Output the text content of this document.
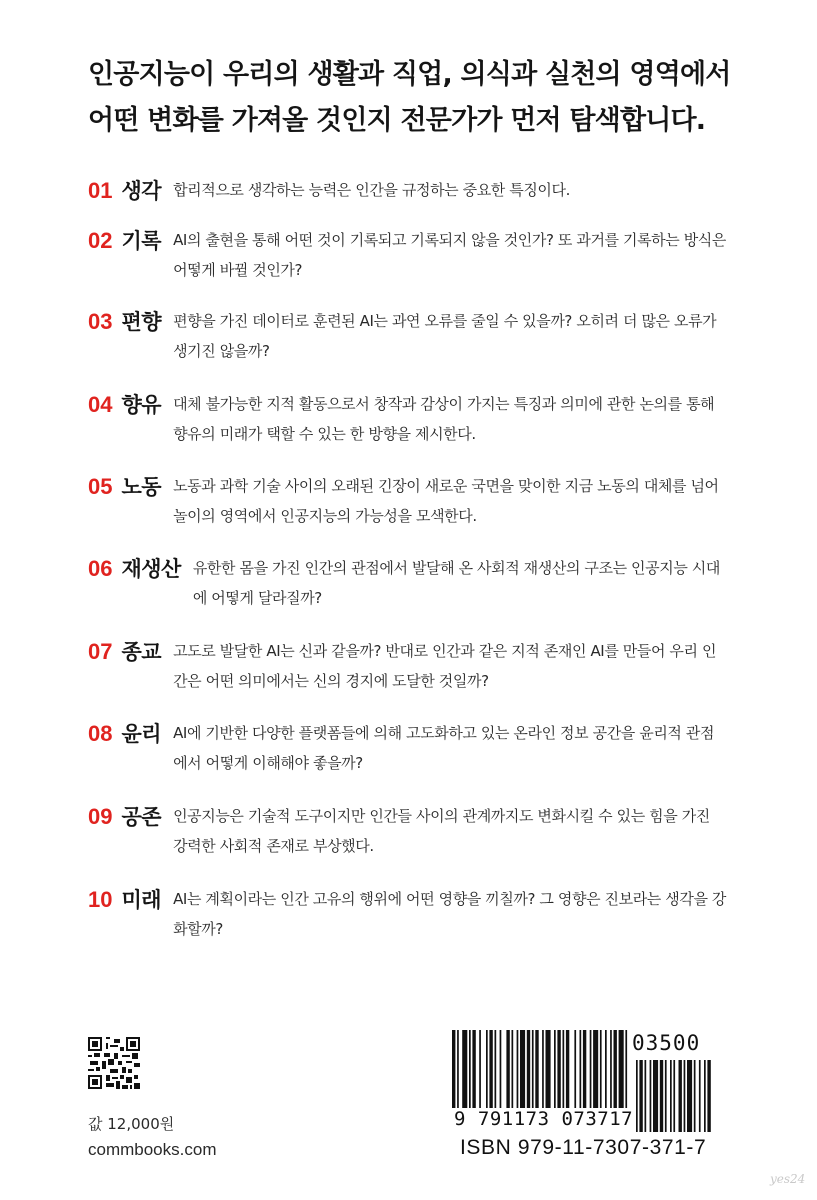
인공지능이 우리의 생활과 직업, 의식과 실천의 영역에서
어떤 변화를 가져올 것인지 전문가가 먼저 탐색합니다.
01 생각 합리적으로 생각하는 능력은 인간을 규정하는 중요한 특징이다.
02 기록 AI의 출현을 통해 어떤 것이 기록되고 기록되지 않을 것인가? 또 과거를 기록하는 방식은 어떻게 바뀔 것인가?
03 편향 편향을 가진 데이터로 훈련된 AI는 과연 오류를 줄일 수 있을까? 오히려 더 많은 오류가 생기진 않을까?
04 향유 대체 불가능한 지적 활동으로서 창작과 감상이 가지는 특징과 의미에 관한 논의를 통해 향유의 미래가 택할 수 있는 한 방향을 제시한다.
05 노동 노동과 과학 기술 사이의 오래된 긴장이 새로운 국면을 맞이한 지금 노동의 대체를 넘어 놀이의 영역에서 인공지능의 가능성을 모색한다.
06 재생산 유한한 몸을 가진 인간의 관점에서 발달해 온 사회적 재생산의 구조는 인공지능 시대에 어떻게 달라질까?
07 종교 고도로 발달한 AI는 신과 같을까? 반대로 인간과 같은 지적 존재인 AI를 만들어 우리 인간은 어떤 의미에서는 신의 경지에 도달한 것일까?
08 윤리 AI에 기반한 다양한 플랫폼들에 의해 고도화하고 있는 온라인 정보 공간을 윤리적 관점에서 어떻게 이해해야 좋을까?
09 공존 인공지능은 기술적 도구이지만 인간들 사이의 관계까지도 변화시킬 수 있는 힘을 가진 강력한 사회적 존재로 부상했다.
10 미래 AI는 계획이라는 인간 고유의 행위에 어떤 영향을 끼칠까? 그 영향은 진보라는 생각을 강화할까?
값 12,000원
commbooks.com
03500
9 791173 073717
ISBN 979-11-7307-371-7
yes24
